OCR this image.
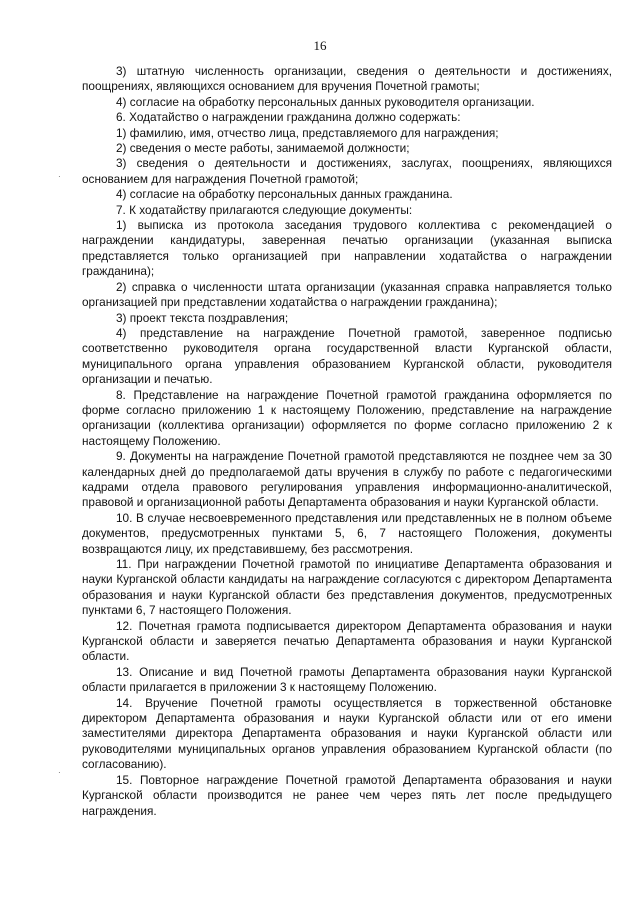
16
·
·

3) штатную численность организации, сведения о деятельности и достижениях, поощрениях, являющихся основанием для вручения Почетной грамоты;

4) согласие на обработку персональных данных руководителя организации.

6. Ходатайство о награждении гражданина должно содержать:

1) фамилию, имя, отчество лица, представляемого для награждения;

2) сведения о месте работы, занимаемой должности;

3) сведения о деятельности и достижениях, заслугах, поощрениях, являющихся основанием для награждения Почетной грамотой;

4) согласие на обработку персональных данных гражданина.

7. К ходатайству прилагаются следующие документы:

1) выписка из протокола заседания трудового коллектива с рекомендацией о награждении кандидатуры, заверенная печатью организации (указанная выписка представляется только организацией при направлении ходатайства о награждении гражданина);

2) справка о численности штата организации (указанная справка направляется только организацией при представлении ходатайства о награждении гражданина);

3) проект текста поздравления;

4) представление на награждение Почетной грамотой, заверенное подписью соответственно руководителя органа государственной власти Курганской области, муниципального органа управления образованием Курганской области, руководителя организации и печатью.

8. Представление на награждение Почетной грамотой гражданина оформляется по форме согласно приложению 1 к настоящему Положению, представление на награждение организации (коллектива организации) оформляется по форме согласно приложению 2 к настоящему Положению.

9. Документы на награждение Почетной грамотой представляются не позднее чем за 30 календарных дней до предполагаемой даты вручения в службу по работе с педагогическими кадрами отдела правового регулирования управления информационно-аналитической, правовой и организационной работы Департамента образования и науки Курганской области.

10. В случае несвоевременного представления или представленных не в полном объеме документов, предусмотренных пунктами 5, 6, 7 настоящего Положения, документы возвращаются лицу, их представившему, без рассмотрения.

11. При награждении Почетной грамотой по инициативе Департамента образования и науки Курганской области кандидаты на награждение согласуются с директором Департамента образования и науки Курганской области без представления документов, предусмотренных пунктами 6, 7 настоящего Положения.

12. Почетная грамота подписывается директором Департамента образования и науки Курганской области и заверяется печатью Департамента образования и науки Курганской области.

13. Описание и вид Почетной грамоты Департамента образования науки Курганской области прилагается в приложении 3 к настоящему Положению.

14. Вручение Почетной грамоты осуществляется в торжественной обстановке директором Департамента образования и науки Курганской области или от его имени заместителями директора Департамента образования и науки Курганской области или руководителями муниципальных органов управления образованием Курганской области (по согласованию).

15. Повторное награждение Почетной грамотой Департамента образования и науки Курганской области производится не ранее чем через пять лет после предыдущего награждения.
